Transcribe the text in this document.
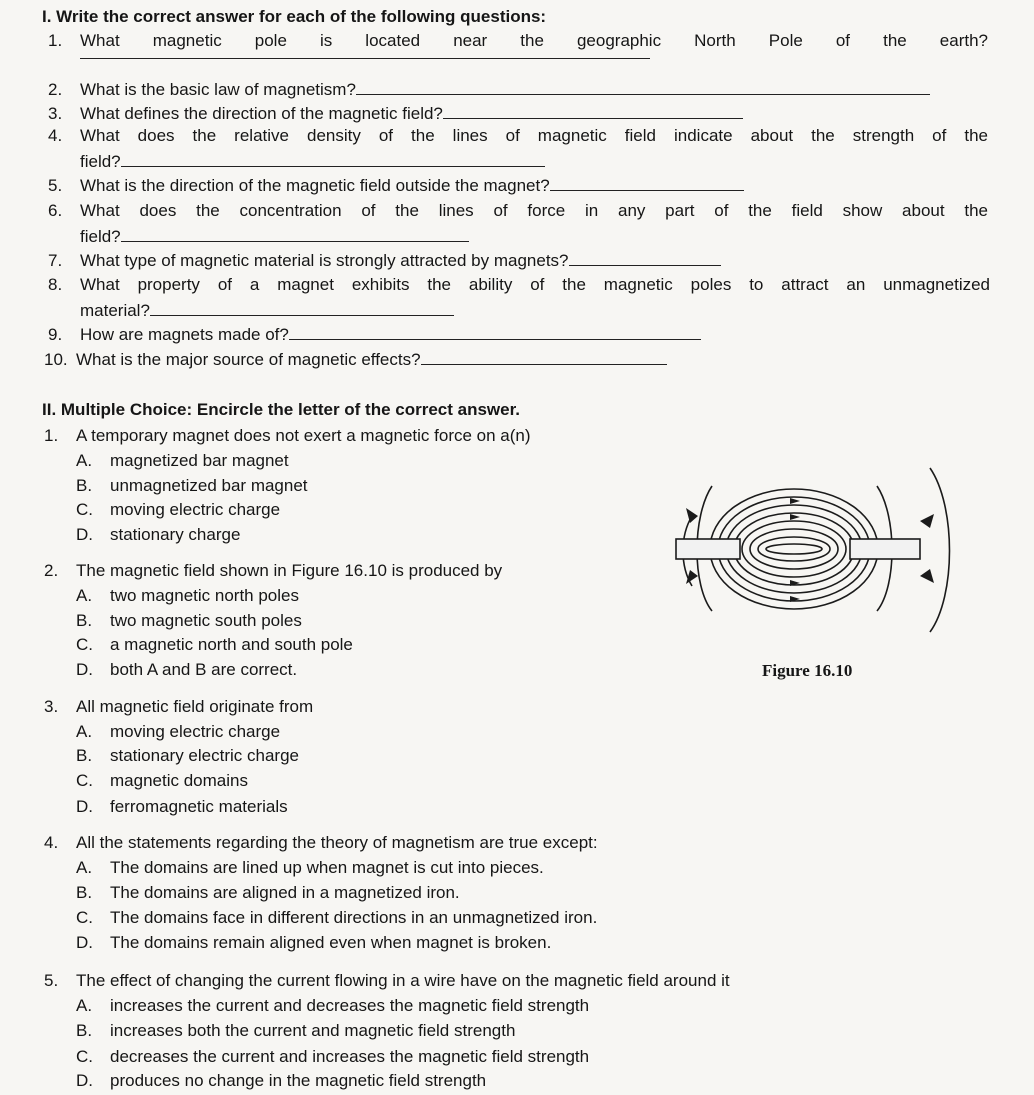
I. Write the correct answer for each of the following questions:
1. What magnetic pole is located near the geographic North Pole of the earth?
2. What is the basic law of magnetism?
3. What defines the direction of the magnetic field?
4. What does the relative density of the lines of magnetic field indicate about the strength of the
field?
5. What is the direction of the magnetic field outside the magnet?
6. What does the concentration of the lines of force in any part of the field show about the
field?
7. What type of magnetic material is strongly attracted by magnets?
8. What property of a magnet exhibits the ability of the magnetic poles to attract an unmagnetized
material?
9. How are magnets made of?
10. What is the major source of magnetic effects?
II. Multiple Choice: Encircle the letter of the correct answer.
1. A temporary magnet does not exert a magnetic force on a(n)
A. magnetized bar magnet
B. unmagnetized bar magnet
C. moving electric charge
D. stationary charge
2. The magnetic field shown in Figure 16.10 is produced by
A. two magnetic north poles
B. two magnetic south poles
C. a magnetic north and south pole
D. both A and B are correct.	Figure 16.10
3. All magnetic field originate from
A. moving electric charge
B. stationary electric charge
C. magnetic domains
D. ferromagnetic materials
4. All the statements regarding the theory of magnetism are true except:
A. The domains are lined up when magnet is cut into pieces.
B. The domains are aligned in a magnetized iron.
C. The domains face in different directions in an unmagnetized iron.
D. The domains remain aligned even when magnet is broken.
5. The effect of changing the current flowing in a wire have on the magnetic field around it
A. increases the current and decreases the magnetic field strength
B. increases both the current and magnetic field strength
C. decreases the current and increases the magnetic field strength
D. produces no change in the magnetic field strength
